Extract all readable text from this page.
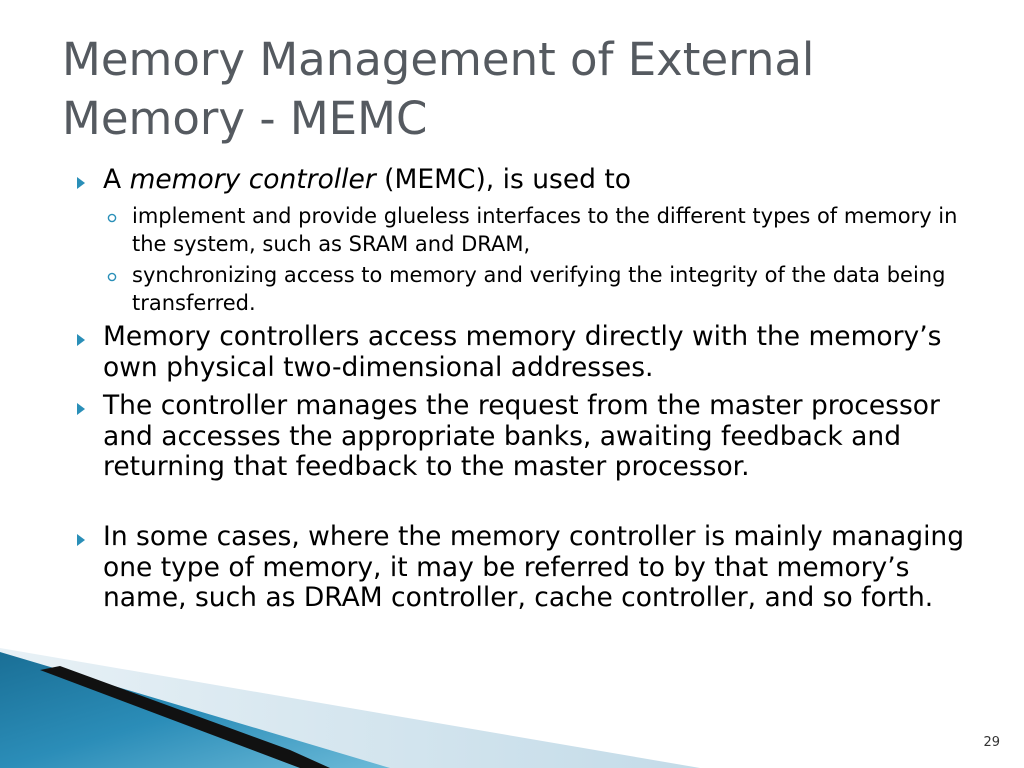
Memory Management of External Memory - MEMC
A memory controller (MEMC), is used to
implement and provide glueless interfaces to the different types of memory in the system, such as SRAM and DRAM,
synchronizing access to memory and verifying the integrity of the data being transferred.
Memory controllers access memory directly with the memory’s own physical two-dimensional addresses.
The controller manages the request from the master processor and accesses the appropriate banks, awaiting feedback and returning that feedback to the master processor.
In some cases, where the memory controller is mainly managing one type of memory, it may be referred to by that memory’s name, such as DRAM controller, cache controller, and so forth.
29
